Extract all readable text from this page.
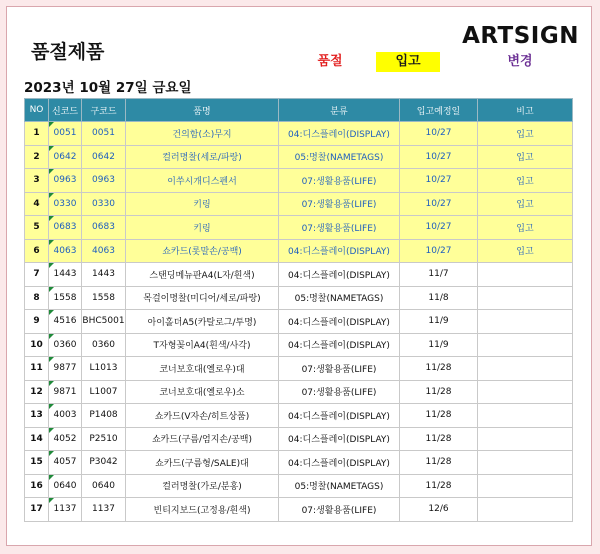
품절제품
ARTSIGN
품절	입고	변경
2023년 10월 27일 금요일
NO	신코드	구코드	품명	분류	입고예정일	비고
1	0051	0051	건의함(소)무지	04:디스플레이(DISPLAY)	10/27	입고
2	0642	0642	컬러명찰(세로/파랑)	05:명찰(NAMETAGS)	10/27	입고
3	0963	0963	이쑤시개디스펜서	07:생활용품(LIFE)	10/27	입고
4	0330	0330	키링	07:생활용품(LIFE)	10/27	입고
5	0683	0683	키링	07:생활용품(LIFE)	10/27	입고
6	4063	4063	쇼카드(롯말손/공백)	04:디스플레이(DISPLAY)	10/27	입고
7	1443	1443	스탠딩메뉴판A4(L자/흰색)	04:디스플레이(DISPLAY)	11/7	
8	1558	1558	목걸이명찰(미디어/세로/파랑)	05:명찰(NAMETAGS)	11/8	
9	4516	BHC5001	아이홀더A5(카탈로그/투명)	04:디스플레이(DISPLAY)	11/9	
10	0360	0360	T자형꽂이A4(흰색/사각)	04:디스플레이(DISPLAY)	11/9	
11	9877	L1013	코너보호대(옐로우)대	07:생활용품(LIFE)	11/28	
12	9871	L1007	코너보호대(옐로우)소	07:생활용품(LIFE)	11/28	
13	4003	P1408	쇼카드(V자손/히트상품)	04:디스플레이(DISPLAY)	11/28	
14	4052	P2510	쇼카드(구름/엄지손/공백)	04:디스플레이(DISPLAY)	11/28	
15	4057	P3042	쇼카드(구름형/SALE)대	04:디스플레이(DISPLAY)	11/28	
16	0640	0640	컬러명찰(가로/분홍)	05:명찰(NAMETAGS)	11/28	
17	1137	1137	빈티지보드(고정용/흰색)	07:생활용품(LIFE)	12/6	
